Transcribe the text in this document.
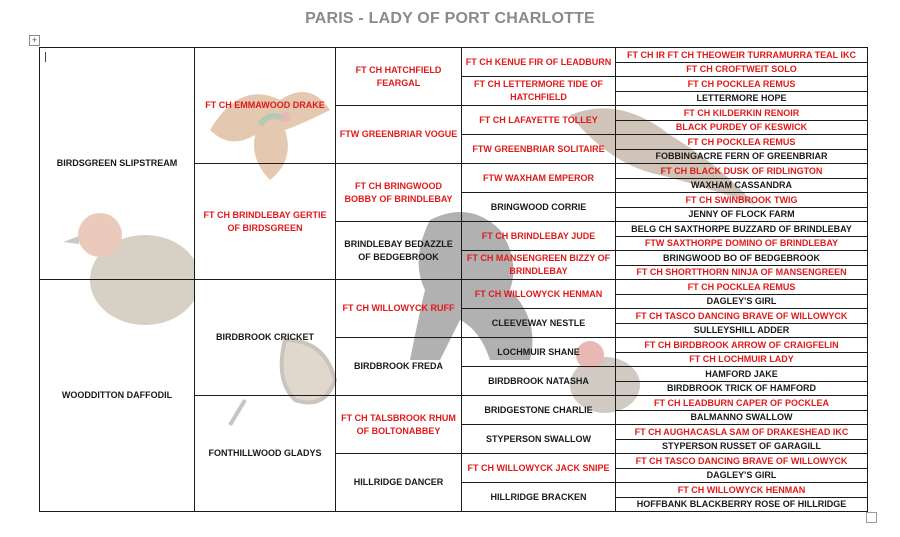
PARIS - LADY OF PORT CHARLOTTE
+
BIRDSGREEN SLIPSTREAM	FT CH EMMAWOOD DRAKE	FT CH HATCHFIELD FEARGAL	FT CH KENUE FIR OF LEADBURN	FT CH IR FT CH THEOWEIR TURRAMURRA TEAL IKC
				FT CH CROFTWEIT SOLO
			FT CH LETTERMORE TIDE OF HATCHFIELD	FT CH POCKLEA REMUS
				LETTERMORE HOPE
		FTW GREENBRIAR VOGUE	FT CH LAFAYETTE TOLLEY	FT CH KILDERKIN RENOIR
				BLACK PURDEY OF KESWICK
			FTW GREENBRIAR SOLITAIRE	FT CH POCKLEA REMUS
				FOBBINGACRE FERN OF GREENBRIAR
	FT CH BRINDLEBAY GERTIE OF BIRDSGREEN	FT CH BRINGWOOD BOBBY OF BRINDLEBAY	FTW WAXHAM EMPEROR	FT CH BLACK DUSK OF RIDLINGTON
				WAXHAM CASSANDRA
			BRINGWOOD CORRIE	FT CH SWINBROOK TWIG
				JENNY OF FLOCK FARM
		BRINDLEBAY BEDAZZLE OF BEDGEBROOK	FT CH BRINDLEBAY JUDE	BELG CH SAXTHORPE BUZZARD OF BRINDLEBAY
				FTW SAXTHORPE DOMINO OF BRINDLEBAY
			FT CH MANSENGREEN BIZZY OF BRINDLEBAY	BRINGWOOD BO OF BEDGEBROOK
				FT CH SHORTTHORN NINJA OF MANSENGREEN
WOODDITTON DAFFODIL	BIRDBROOK CRICKET	FT CH WILLOWYCK RUFF	FT CH WILLOWYCK HENMAN	FT CH POCKLEA REMUS
				DAGLEY'S GIRL
			CLEEVEWAY NESTLE	FT CH TASCO DANCING BRAVE OF WILLOWYCK
				SULLEYSHILL ADDER
		BIRDBROOK FREDA	LOCHMUIR SHANE	FT CH BIRDBROOK ARROW OF CRAIGFELIN
				FT CH LOCHMUIR LADY
			BIRDBROOK NATASHA	HAMFORD JAKE
				BIRDBROOK TRICK OF HAMFORD
	FONTHILLWOOD GLADYS	FT CH TALSBROOK RHUM OF BOLTONABBEY	BRIDGESTONE CHARLIE	FT CH LEADBURN CAPER OF POCKLEA
				BALMANNO SWALLOW
			STYPERSON SWALLOW	FT CH AUGHACASLA SAM OF DRAKESHEAD IKC
				STYPERSON RUSSET OF GARAGILL
		HILLRIDGE DANCER	FT CH WILLOWYCK JACK SNIPE	FT CH TASCO DANCING BRAVE OF WILLOWYCK
				DAGLEY'S GIRL
			HILLRIDGE BRACKEN	FT CH WILLOWYCK HENMAN
				HOFFBANK BLACKBERRY ROSE OF HILLRIDGE
